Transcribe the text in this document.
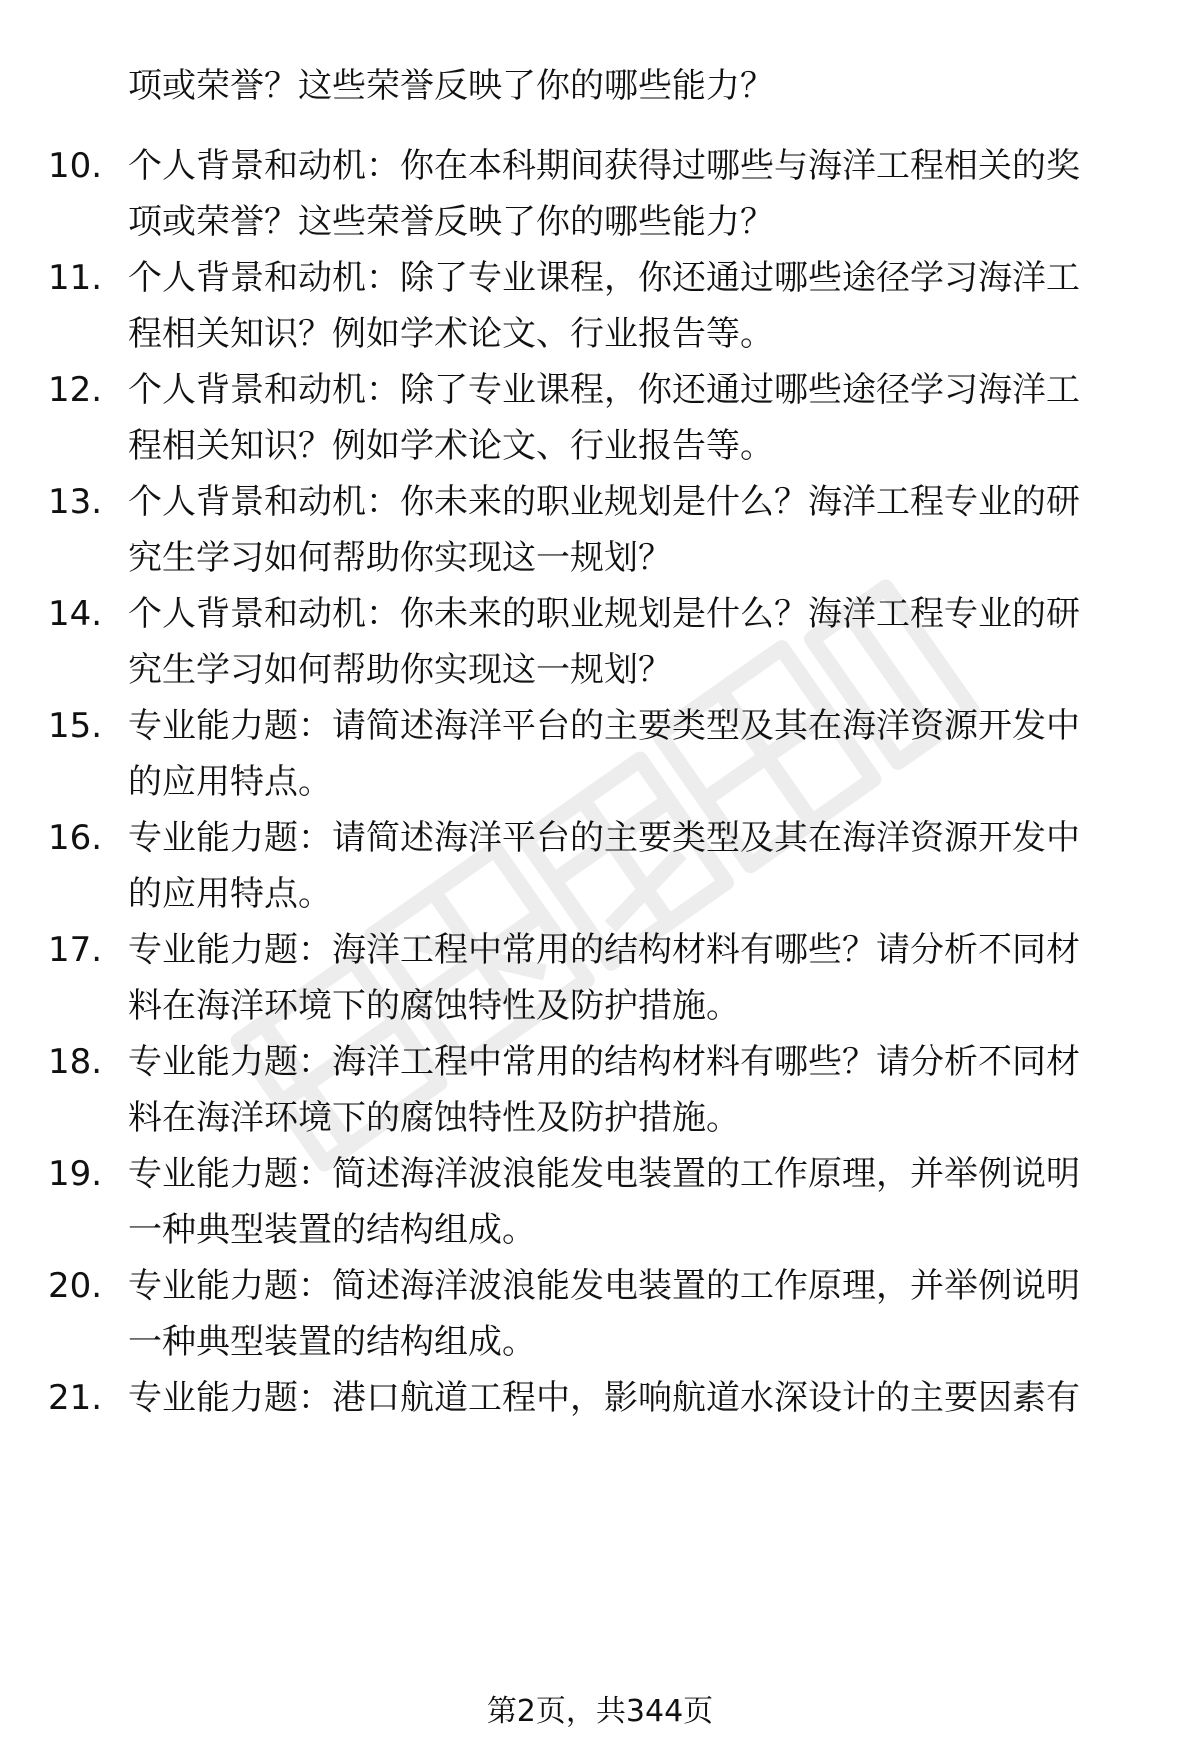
项或荣誉？这些荣誉反映了你的哪些能力？
10. 个人背景和动机：你在本科期间获得过哪些与海洋工程相关的奖
项或荣誉？这些荣誉反映了你的哪些能力？
11. 个人背景和动机：除了专业课程，你还通过哪些途径学习海洋工
程相关知识？例如学术论文、行业报告等。
12. 个人背景和动机：除了专业课程，你还通过哪些途径学习海洋工
程相关知识？例如学术论文、行业报告等。
13. 个人背景和动机：你未来的职业规划是什么？海洋工程专业的研
究生学习如何帮助你实现这一规划？
14. 个人背景和动机：你未来的职业规划是什么？海洋工程专业的研
究生学习如何帮助你实现这一规划？
15. 专业能力题：请简述海洋平台的主要类型及其在海洋资源开发中
的应用特点。
16. 专业能力题：请简述海洋平台的主要类型及其在海洋资源开发中
的应用特点。
17. 专业能力题：海洋工程中常用的结构材料有哪些？请分析不同材
料在海洋环境下的腐蚀特性及防护措施。
18. 专业能力题：海洋工程中常用的结构材料有哪些？请分析不同材
料在海洋环境下的腐蚀特性及防护措施。
19. 专业能力题：简述海洋波浪能发电装置的工作原理，并举例说明
一种典型装置的结构组成。
20. 专业能力题：简述海洋波浪能发电装置的工作原理，并举例说明
一种典型装置的结构组成。
21. 专业能力题：港口航道工程中，影响航道水深设计的主要因素有
第2页，共344页
